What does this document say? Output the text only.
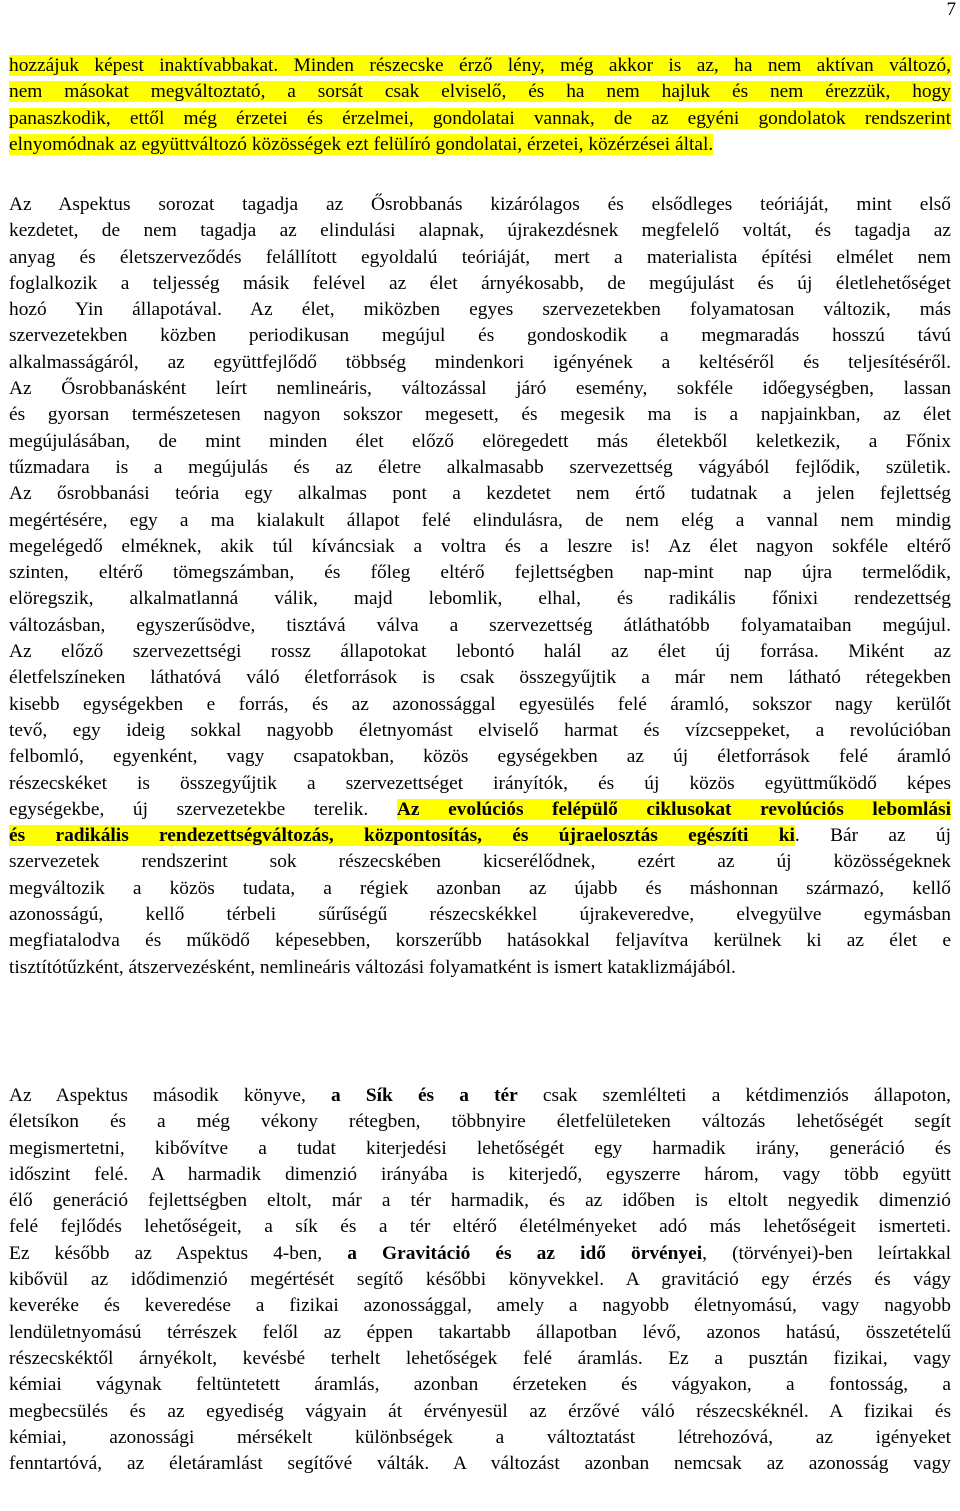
7
hozzájuk képest inaktívabbakat. Minden részecske érző lény, még akkor is az, ha nem aktívan változó,
nem másokat megváltoztató, a sorsát csak elviselő, és ha nem hajluk és nem érezzük, hogy
panaszkodik, ettől még érzetei és érzelmei, gondolatai vannak, de az egyéni gondolatok rendszerint
elnyomódnak az együttváltozó közösségek ezt felülíró gondolatai, érzetei, közérzései által.
Az Aspektus sorozat tagadja az Ősrobbanás kizárólagos és elsődleges teóriáját, mint első
kezdetet, de nem tagadja az elindulási alapnak, újrakezdésnek megfelelő voltát, és tagadja az
anyag és életszerveződés felállított egyoldalú teóriáját, mert a materialista építési elmélet nem
foglalkozik a teljesség másik felével az élet árnyékosabb, de megújulást és új életlehetőséget
hozó Yin állapotával. Az élet, miközben egyes szervezetekben folyamatosan változik, más
szervezetekben közben periodikusan megújul és gondoskodik a megmaradás hosszú távú
alkalmasságáról, az együttfejlődő többség mindenkori igényének a keltéséről és teljesítéséről.
Az Ősrobbanásként leírt nemlineáris, változással járó esemény, sokféle időegységben, lassan
és gyorsan természetesen nagyon sokszor megesett, és megesik ma is a napjainkban, az élet
megújulásában, de mint minden élet előző elöregedett más életekből keletkezik, a Főnix
tűzmadara is a megújulás és az életre alkalmasabb szervezettség vágyából fejlődik, születik.
Az ősrobbanási teória egy alkalmas pont a kezdetet nem értő tudatnak a jelen fejlettség
megértésére, egy a ma kialakult állapot felé elindulásra, de nem elég a vannal nem mindig
megelégedő elméknek, akik túl kíváncsiak a voltra és a leszre is! Az élet nagyon sokféle eltérő
szinten, eltérő tömegszámban, és főleg eltérő fejlettségben nap-mint nap újra termelődik,
elöregszik, alkalmatlanná válik, majd lebomlik, elhal, és radikális főnixi rendezettség
változásban, egyszerűsödve, tisztává válva a szervezettség átláthatóbb folyamataiban megújul.
Az előző szervezettségi rossz állapotokat lebontó halál az élet új forrása. Miként az
életfelszíneken láthatóvá váló életforrások is csak összegyűjtik a már nem látható rétegekben
kisebb egységekben e forrás, és az azonossággal egyesülés felé áramló, sokszor nagy kerülőt
tevő, egy ideig sokkal nagyobb életnyomást elviselő harmat és vízcseppeket, a revolúcióban
felbomló, egyenként, vagy csapatokban, közös egységekben az új életforrások felé áramló
részecskéket is összegyűjtik a szervezettséget irányítók, és új közös együttműködő képes
egységekbe, új szervezetekbe terelik. Az evolúciós felépülő ciklusokat revolúciós lebomlási
és radikális rendezettségváltozás, központosítás, és újraelosztás egészíti ki. Bár az új
szervezetek rendszerint sok részecskében kicserélődnek, ezért az új közösségeknek
megváltozik a közös tudata, a régiek azonban az újabb és máshonnan származó, kellő
azonosságú, kellő térbeli sűrűségű részecskékkel újrakeveredve, elvegyülve egymásban
megfiatalodva és működő képesebben, korszerűbb hatásokkal feljavítva kerülnek ki az élet e
tisztítótűzként, átszervezésként, nemlineáris változási folyamatként is ismert kataklizmájából.
Az Aspektus második könyve, a Sík és a tér csak szemlélteti a kétdimenziós állapoton,
életsíkon és a még vékony rétegben, többnyire életfelületeken változás lehetőségét segít
megismertetni, kibővítve a tudat kiterjedési lehetőségét egy harmadik irány, generáció és
időszint felé. A harmadik dimenzió irányába is kiterjedő, egyszerre három, vagy több együtt
élő generáció fejlettségben eltolt, már a tér harmadik, és az időben is eltolt negyedik dimenzió
felé fejlődés lehetőségeit, a sík és a tér eltérő életélményeket adó más lehetőségeit ismerteti.
Ez később az Aspektus 4-ben, a Gravitáció és az idő örvényei, (törvényei)-ben leírtakkal
kibővül az idődimenzió megértését segítő későbbi könyvekkel. A gravitáció egy érzés és vágy
keveréke és keveredése a fizikai azonossággal, amely a nagyobb életnyomású, vagy nagyobb
lendületnyomású térrészek felől az éppen takartabb állapotban lévő, azonos hatású, összetételű
részecskéktől árnyékolt, kevésbé terhelt lehetőségek felé áramlás. Ez a pusztán fizikai, vagy
kémiai vágynak feltüntetett áramlás, azonban érzeteken és vágyakon, a fontosság, a
megbecsülés és az egyediség vágyain át érvényesül az érzővé váló részecskéknél. A fizikai és
kémiai, azonossági mérsékelt különbségek a változtatást létrehozóvá, az igényeket
fenntartóvá, az életáramlást segítővé válták. A változást azonban nemcsak az azonosság vagy
